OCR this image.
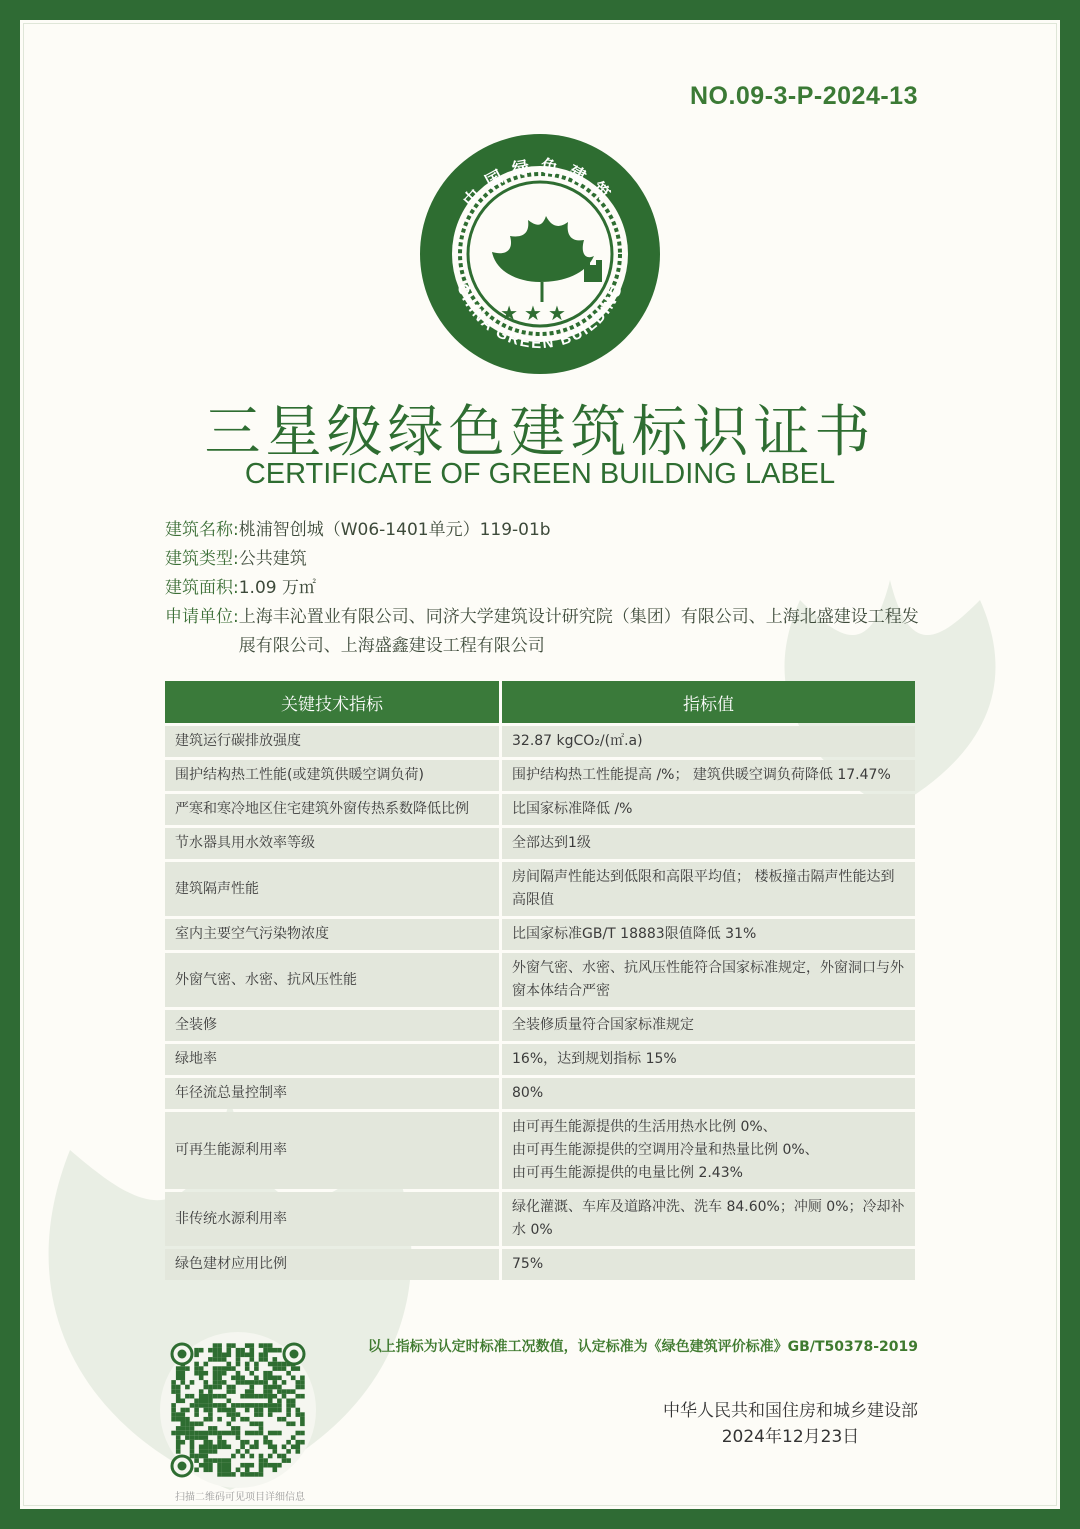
NO.09-3-P-2024-13
中国绿色建筑
CHINA GREEN BUILDING
★★★
三星级绿色建筑标识证书
CERTIFICATE OF GREEN BUILDING LABEL
建筑名称: 桃浦智创城（W06-1401单元）119-01b
建筑类型: 公共建筑
建筑面积: 1.09 万㎡
申请单位: 上海丰沁置业有限公司、同济大学建筑设计研究院（集团）有限公司、上海北盛建设工程发展有限公司、上海盛鑫建设工程有限公司
关键技术指标	指标值
建筑运行碳排放强度	32.87 kgCO₂/(㎡.a)
围护结构热工性能(或建筑供暖空调负荷)	围护结构热工性能提高 /%； 建筑供暖空调负荷降低 17.47%
严寒和寒冷地区住宅建筑外窗传热系数降低比例	比国家标准降低 /%
节水器具用水效率等级	全部达到1级
建筑隔声性能	房间隔声性能达到低限和高限平均值； 楼板撞击隔声性能达到高限值
室内主要空气污染物浓度	比国家标准GB/T 18883限值降低 31%
外窗气密、水密、抗风压性能	外窗气密、水密、抗风压性能符合国家标准规定，外窗洞口与外窗本体结合严密
全装修	全装修质量符合国家标准规定
绿地率	16%，达到规划指标 15%
年径流总量控制率	80%
可再生能源利用率	由可再生能源提供的生活用热水比例 0%、
由可再生能源提供的空调用冷量和热量比例 0%、
由可再生能源提供的电量比例 2.43%
非传统水源利用率	绿化灌溉、车库及道路冲洗、洗车 84.60%；冲厕 0%；冷却补水 0%
绿色建材应用比例	75%
以上指标为认定时标准工况数值，认定标准为《绿色建筑评价标准》GB/T50378-2019
中华人民共和国住房和城乡建设部
2024年12月23日
扫描二维码可见项目详细信息
